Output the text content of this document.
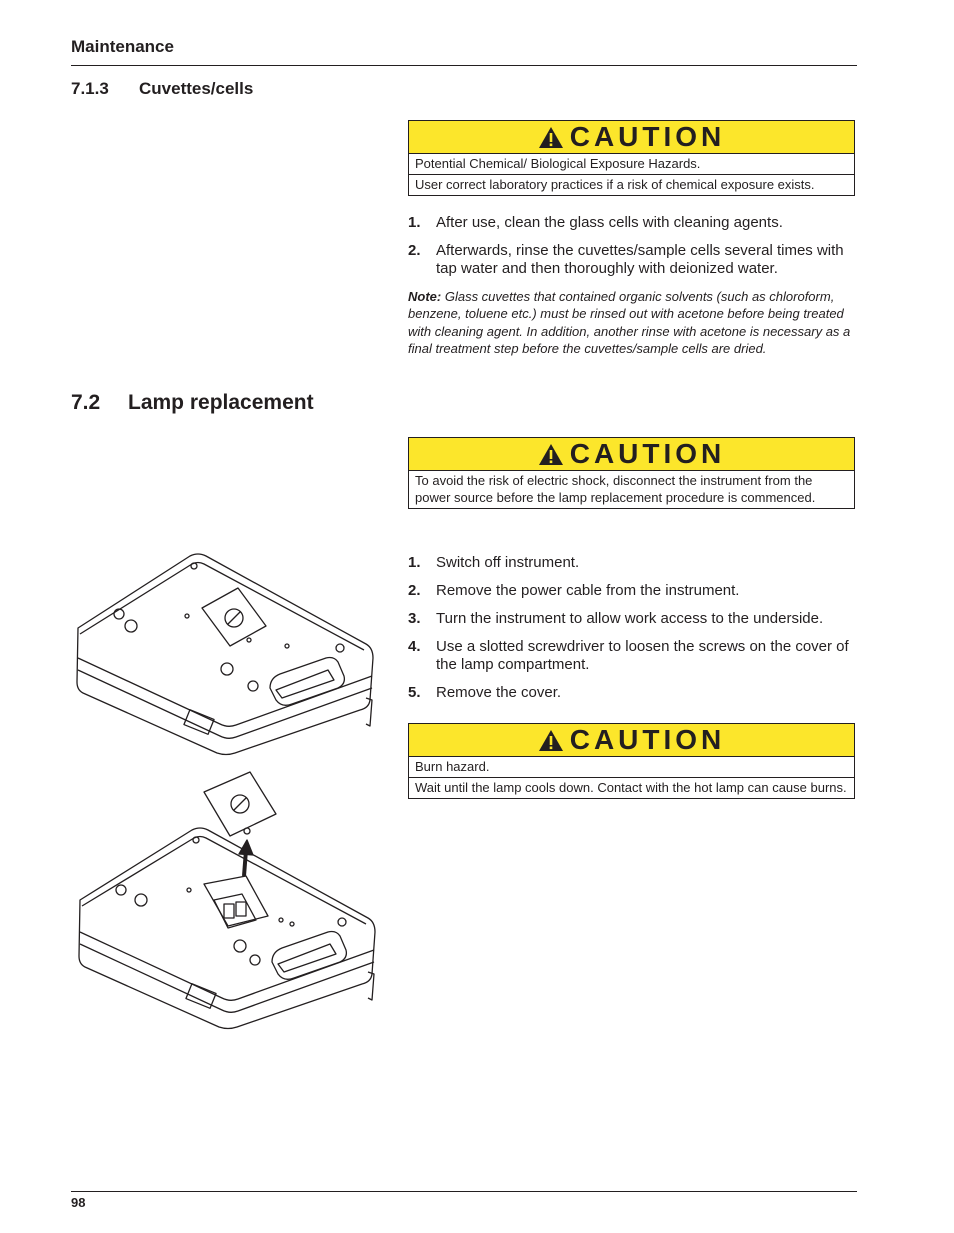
Maintenance
7.1.3 Cuvettes/cells
CAUTION
Potential Chemical/ Biological Exposure Hazards.
User correct laboratory practices if a risk of chemical exposure exists.
1. After use, clean the glass cells with cleaning agents.
2. Afterwards, rinse the cuvettes/sample cells several times with tap water and then thoroughly with deionized water.
Note: Glass cuvettes that contained organic solvents (such as chloroform, benzene, toluene etc.) must be rinsed out with acetone before being treated with cleaning agent. In addition, another rinse with acetone is necessary as a final treatment step before the cuvettes/sample cells are dried.
7.2 Lamp replacement
CAUTION
To avoid the risk of electric shock, disconnect the instrument from the power source before the lamp replacement procedure is commenced.
1. Switch off instrument.
2. Remove the power cable from the instrument.
3. Turn the instrument to allow work access to the underside.
4. Use a slotted screwdriver to loosen the screws on the cover of the lamp compartment.
5. Remove the cover.
CAUTION
Burn hazard.
Wait until the lamp cools down. Contact with the hot lamp can cause burns.
98
